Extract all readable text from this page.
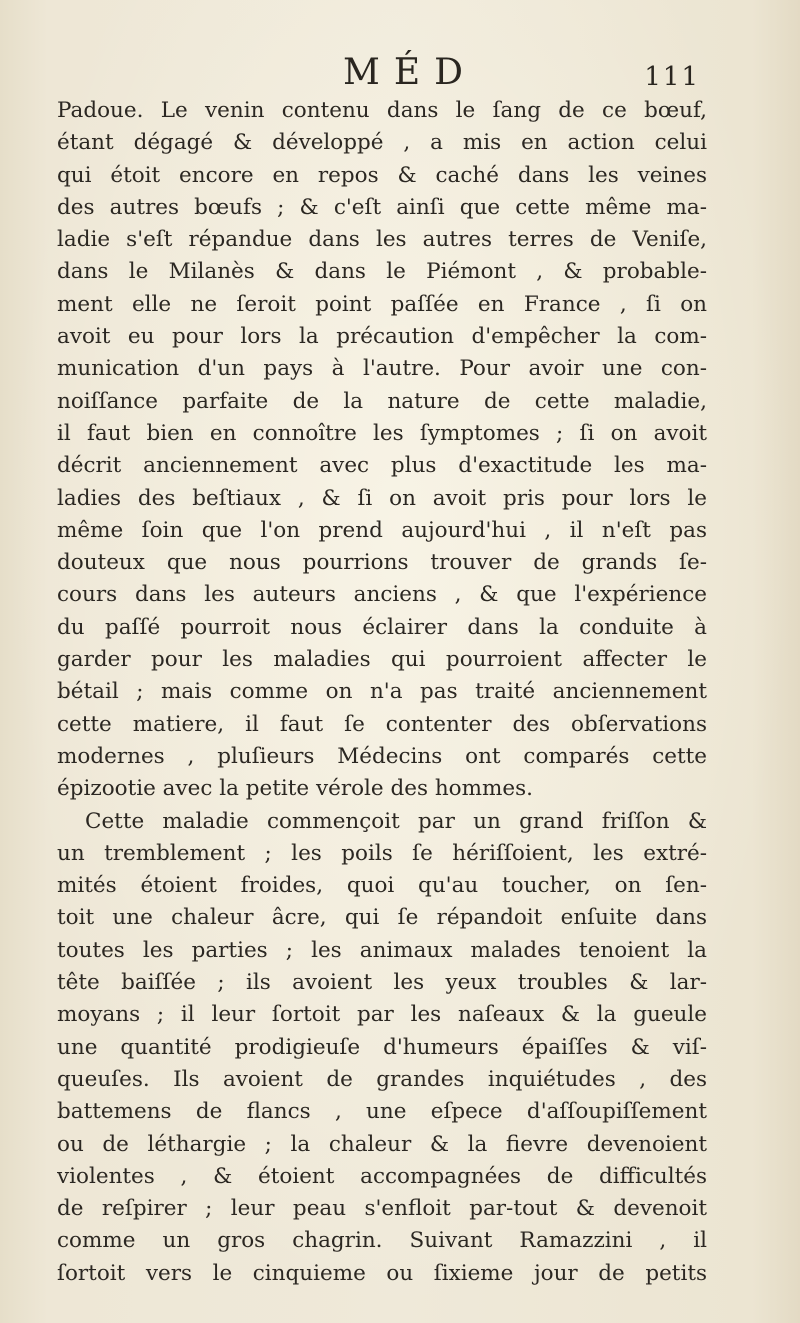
MÉD	111
Padoue. Le venin contenu dans le ſang de ce bœuf,
étant dégagé & développé , a mis en action celui
qui étoit encore en repos & caché dans les veines
des autres bœufs ; & c'eſt ainſi que cette même ma-
ladie s'eſt répandue dans les autres terres de Veniſe,
dans le Milanès & dans le Piémont , & probable-
ment elle ne ſeroit point paſſée en France , ſi on
avoit eu pour lors la précaution d'empêcher la com-
munication d'un pays à l'autre. Pour avoir une con-
noiſſance parfaite de la nature de cette maladie,
il faut bien en connoître les ſymptomes ; ſi on avoit
décrit anciennement avec plus d'exactitude les ma-
ladies des beſtiaux , & ſi on avoit pris pour lors le
même ſoin que l'on prend aujourd'hui , il n'eſt pas
douteux que nous pourrions trouver de grands ſe-
cours dans les auteurs anciens , & que l'expérience
du paſſé pourroit nous éclairer dans la conduite à
garder pour les maladies qui pourroient affecter le
bétail ; mais comme on n'a pas traité anciennement
cette matiere, il faut ſe contenter des obſervations
modernes , pluſieurs Médecins ont comparés cette
épizootie avec la petite vérole des hommes.
Cette maladie commençoit par un grand friſſon &
un tremblement ; les poils ſe hériſſoient, les extré-
mités étoient froides, quoi qu'au toucher, on ſen-
toit une chaleur âcre, qui ſe répandoit enſuite dans
toutes les parties ; les animaux malades tenoient la
tête baiſſée ; ils avoient les yeux troubles & lar-
moyans ; il leur ſortoit par les naſeaux & la gueule
une quantité prodigieuſe d'humeurs épaiſſes & viſ-
queuſes. Ils avoient de grandes inquiétudes , des
battemens de flancs , une eſpece d'aſſoupiſſement
ou de léthargie ; la chaleur & la fievre devenoient
violentes , & étoient accompagnées de difficultés
de reſpirer ; leur peau s'enfloit par-tout & devenoit
comme un gros chagrin. Suivant Ramazzini , il
ſortoit vers le cinquieme ou ſixieme jour de petits
